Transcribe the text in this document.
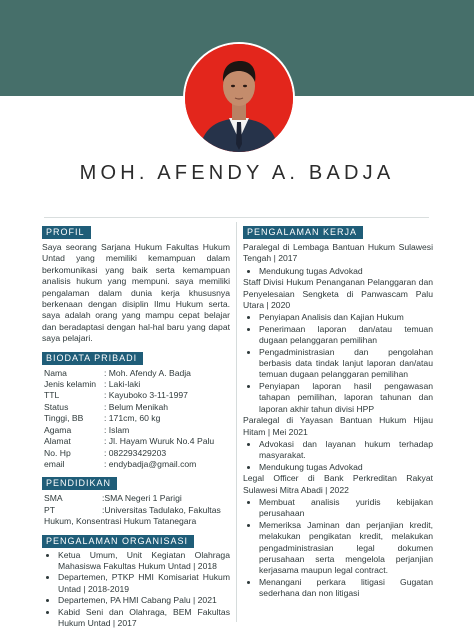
MOH. AFENDY A. BADJA
PROFIL

Saya seorang Sarjana Hukum Fakultas Hukum Untad yang memiliki kemampuan dalam berkomunikasi yang baik serta kemampuan analisis hukum yang mempuni. saya memiliki pengalaman dalam dunia kerja khususnya berkenaan dengan disiplin Ilmu Hukum serta. saya adalah orang yang mampu cepat belajar dan beradaptasi dengan hal-hal baru yang dapat saya pelajari.

BIODATA PRIBADI
Nama	: Moh. Afendy A. Badja
Jenis kelamin	: Laki-laki
TTL	: Kayuboko 3-11-1997
Status	: Belum Menikah
Tinggi, BB	: 171cm, 60 kg
Agama	: Islam
Alamat	: Jl. Hayam Wuruk No.4 Palu
No. Hp	: 082293429203
email	: endybadja@gmail.com
PENDIDIKAN
SMA	:SMA Negeri 1 Parigi
PT	:Universitas Tadulako, Fakultas
Hukum, Konsentrasi Hukum Tatanegara
PENGALAMAN ORGANISASI
• Ketua Umum, Unit Kegiatan Olahraga Mahasiswa Fakultas Hukum Untad | 2018
• Departemen, PTKP HMI Komisariat Hukum Untad | 2018-2019
• Departemen, PA HMI Cabang Palu | 2021
• Kabid Seni dan Olahraga, BEM Fakultas Hukum Untad | 2017
PENGALAMAN KERJA

Paralegal di Lembaga Bantuan Hukum Sulawesi Tengah | 2017

• Mendukung tugas Advokad

Staff Divisi Hukum Penanganan Pelanggaran dan Penyelesaian Sengketa di Panwascam Palu Utara | 2020

• Penyiapan Analisis dan Kajian Hukum
• Penerimaan laporan dan/atau temuan dugaan pelanggaran pemilihan
• Pengadministrasian dan pengolahan berbasis data tindak lanjut laporan dan/atau temuan dugaan pelanggaran pemilihan
• Penyiapan laporan hasil pengawasan tahapan pemilihan, laporan tahunan dan laporan akhir tahun divisi HPP

Paralegal di Yayasan Bantuan Hukum Hijau Hitam | Mei 2021

• Advokasi dan layanan hukum terhadap masyarakat.
• Mendukung tugas Advokad

Legal Officer di Bank Perkreditan Rakyat Sulawesi Mitra Abadi | 2022

• Membuat analisis yuridis kebijakan perusahaan
• Memeriksa Jaminan dan perjanjian kredit, melakukan pengikatan kredit, melakukan pengadministrasian legal dokumen perusahaan serta mengelola perjanjian kerjasama maupun legal contract.
• Menangani perkara litigasi Gugatan sederhana dan non litigasi
